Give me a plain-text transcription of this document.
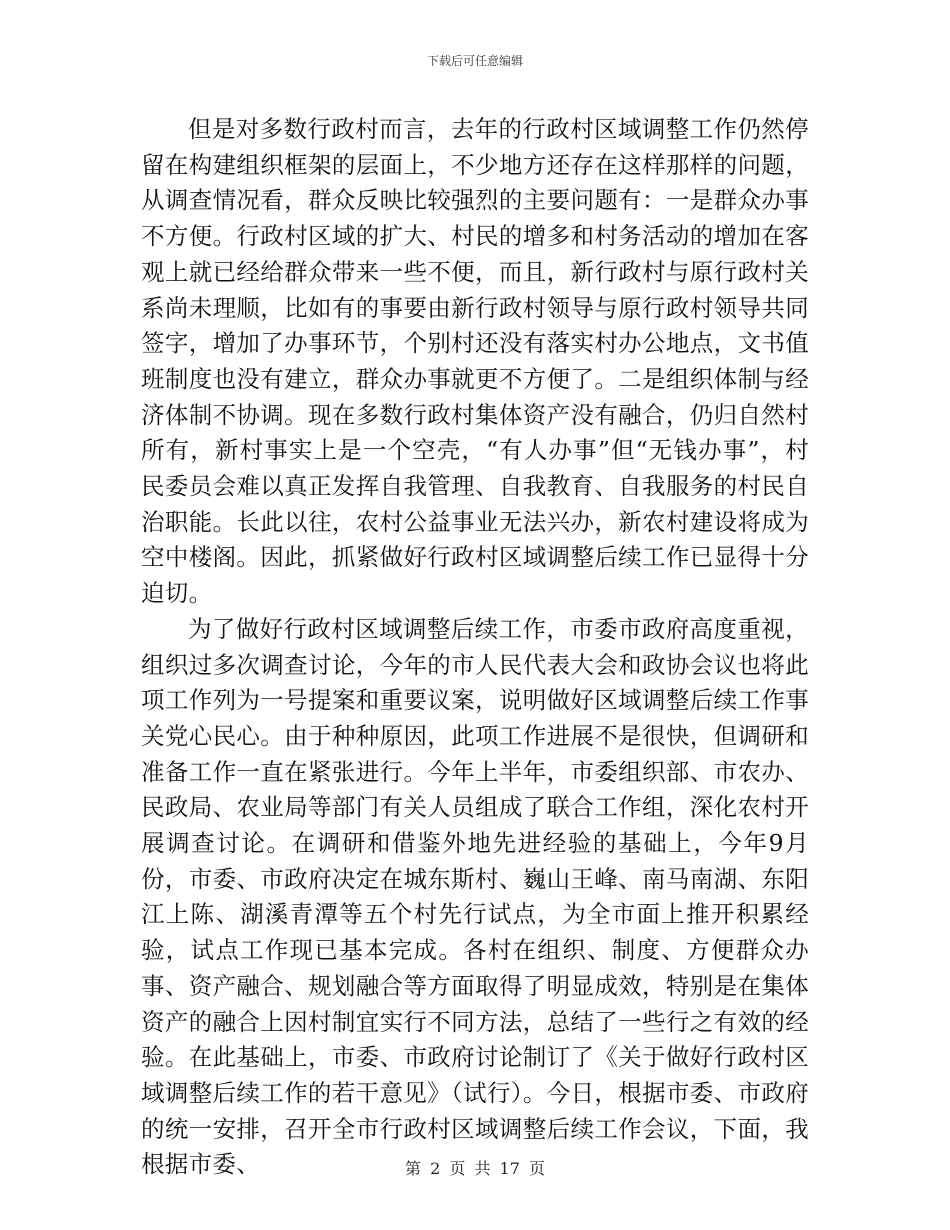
下载后可任意编辑

但是对多数行政村而言，去年的行政村区域调整工作仍然停留在构建组织框架的层面上，不少地方还存在这样那样的问题，从调查情况看，群众反映比较强烈的主要问题有：一是群众办事不方便。行政村区域的扩大、村民的增多和村务活动的增加在客观上就已经给群众带来一些不便，而且，新行政村与原行政村关系尚未理顺，比如有的事要由新行政村领导与原行政村领导共同签字，增加了办事环节，个别村还没有落实村办公地点，文书值班制度也没有建立，群众办事就更不方便了。二是组织体制与经济体制不协调。现在多数行政村集体资产没有融合，仍归自然村所有，新村事实上是一个空壳，“有人办事”但“无钱办事”，村民委员会难以真正发挥自我管理、自我教育、自我服务的村民自治职能。长此以往，农村公益事业无法兴办，新农村建设将成为空中楼阁。因此，抓紧做好行政村区域调整后续工作已显得十分迫切。

为了做好行政村区域调整后续工作，市委市政府高度重视，组织过多次调查讨论，今年的市人民代表大会和政协会议也将此项工作列为一号提案和重要议案，说明做好区域调整后续工作事关党心民心。由于种种原因，此项工作进展不是很快，但调研和准备工作一直在紧张进行。今年上半年，市委组织部、市农办、民政局、农业局等部门有关人员组成了联合工作组，深化农村开展调查讨论。在调研和借鉴外地先进经验的基础上，今年9月份，市委、市政府决定在城东斯村、巍山王峰、南马南湖、东阳江上陈、湖溪青潭等五个村先行试点，为全市面上推开积累经验，试点工作现已基本完成。各村在组织、制度、方便群众办事、资产融合、规划融合等方面取得了明显成效，特别是在集体资产的融合上因村制宜实行不同方法，总结了一些行之有效的经验。在此基础上，市委、市政府讨论制订了《关于做好行政村区域调整后续工作的若干意见》（试行）。今日，根据市委、市政府的统一安排，召开全市行政村区域调整后续工作会议，下面，我根据市委、	第 2 页 共 17 页
